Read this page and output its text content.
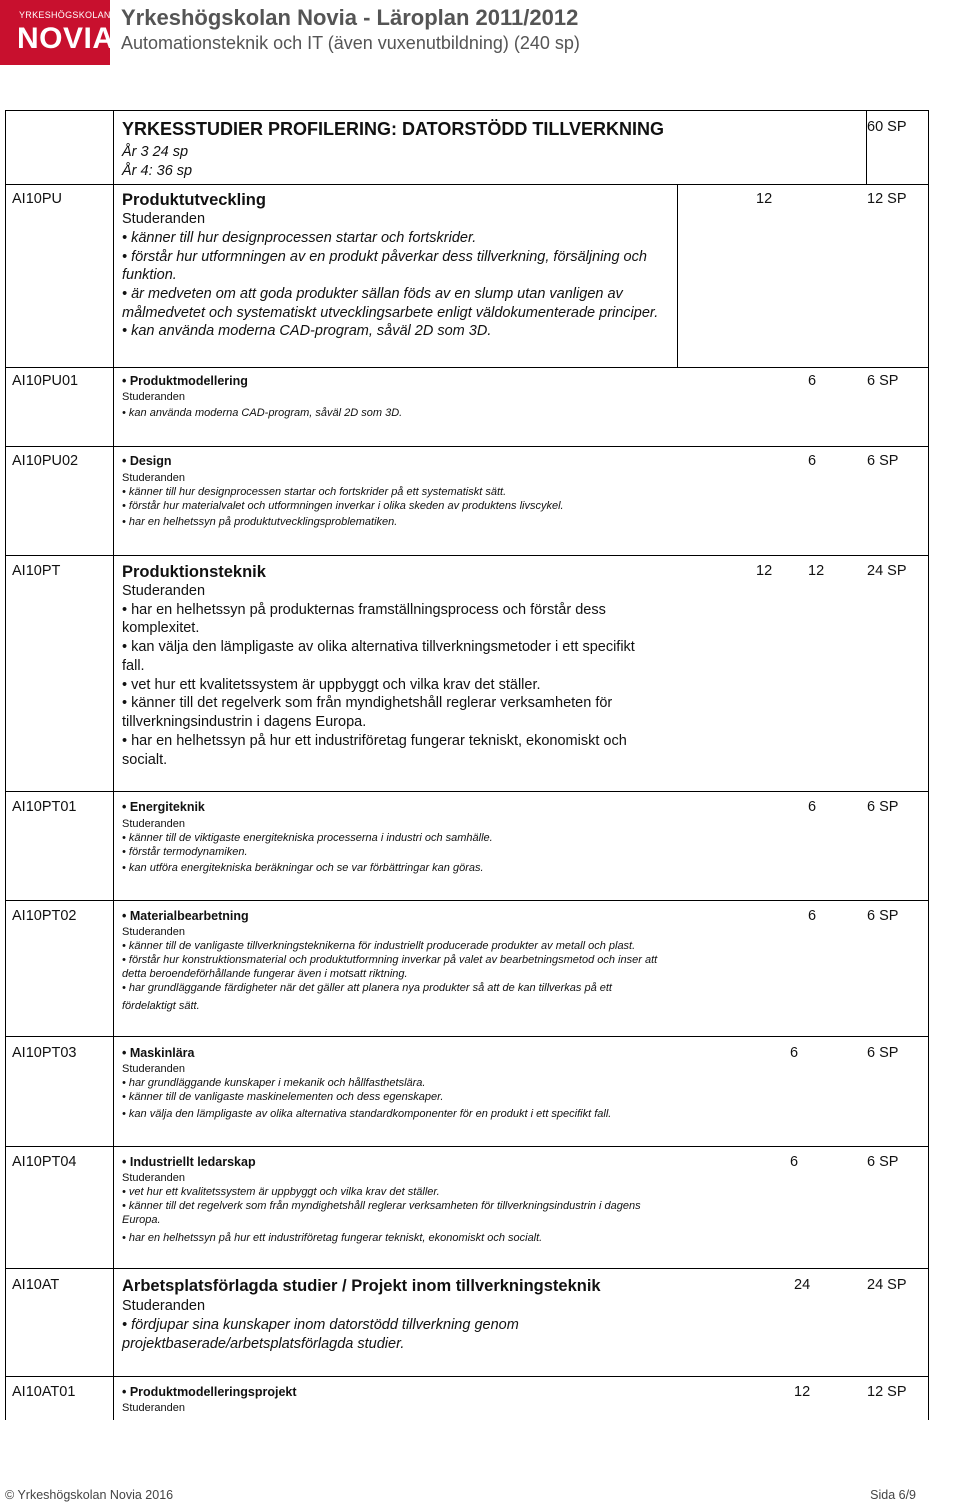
YRKESHÖGSKOLAN
NOVIA
Yrkeshögskolan Novia - Läroplan 2011/2012
Automationsteknik och IT (även vuxenutbildning) (240 sp)
YRKESSTUDIER PROFILERING: DATORSTÖDD TILLVERKNING
År 3 24 sp
År 4: 36 sp
60 SP
AI10PU	Produktutveckling
Studeranden
• känner till hur designprocessen startar och fortskrider.
• förstår hur utformningen av en produkt påverkar dess tillverkning, försäljning och
funktion.
• är medveten om att goda produkter sällan föds av en slump utan vanligen av
målmedvetet och systematiskt utvecklingsarbete enligt väldokumenterade principer.
• kan använda moderna CAD-program, såväl 2D som 3D.
12	12 SP
AI10PU01	• Produktmodellering
Studeranden
• kan använda moderna CAD-program, såväl 2D som 3D.
6	6 SP
AI10PU02	• Design
Studeranden
• känner till hur designprocessen startar och fortskrider på ett systematiskt sätt.
• förstår hur materialvalet och utformningen inverkar i olika skeden av produktens livscykel.
• har en helhetssyn på produktutvecklingsproblematiken.
6	6 SP
AI10PT	Produktionsteknik
Studeranden
• har en helhetssyn på produkternas framställningsprocess och förstår dess
komplexitet.
• kan välja den lämpligaste av olika alternativa tillverkningsmetoder i ett specifikt
fall.
• vet hur ett kvalitetssystem är uppbyggt och vilka krav det ställer.
• känner till det regelverk som från myndighetshåll reglerar verksamheten för
tillverkningsindustrin i dagens Europa.
• har en helhetssyn på hur ett industriföretag fungerar tekniskt, ekonomiskt och
socialt.
12 12	24 SP
AI10PT01	• Energiteknik
Studeranden
• känner till de viktigaste energitekniska processerna i industri och samhälle.
• förstår termodynamiken.
• kan utföra energitekniska beräkningar och se var förbättringar kan göras.
6	6 SP
AI10PT02	• Materialbearbetning
Studeranden
• känner till de vanligaste tillverkningsteknikerna för industriellt producerade produkter av metall och plast.
• förstår hur konstruktionsmaterial och produktutformning inverkar på valet av bearbetningsmetod och inser att
detta beroendeförhållande fungerar även i motsatt riktning.
• har grundläggande färdigheter när det gäller att planera nya produkter så att de kan tillverkas på ett
fördelaktigt sätt.
6	6 SP
AI10PT03	• Maskinlära
Studeranden
• har grundläggande kunskaper i mekanik och hållfasthetslära.
• känner till de vanligaste maskinelementen och dess egenskaper.
• kan välja den lämpligaste av olika alternativa standardkomponenter för en produkt i ett specifikt fall.
6	6 SP
AI10PT04	• Industriellt ledarskap
Studeranden
• vet hur ett kvalitetssystem är uppbyggt och vilka krav det ställer.
• känner till det regelverk som från myndighetshåll reglerar verksamheten för tillverkningsindustrin i dagens
Europa.
• har en helhetssyn på hur ett industriföretag fungerar tekniskt, ekonomiskt och socialt.
6	6 SP
AI10AT	Arbetsplatsförlagda studier / Projekt inom tillverkningsteknik
Studeranden
• fördjupar sina kunskaper inom datorstödd tillverkning genom
projektbaserade/arbetsplatsförlagda studier.
24	24 SP
AI10AT01	• Produktmodelleringsprojekt
Studeranden
12	12 SP
© Yrkeshögskolan Novia 2016	Sida 6/9
